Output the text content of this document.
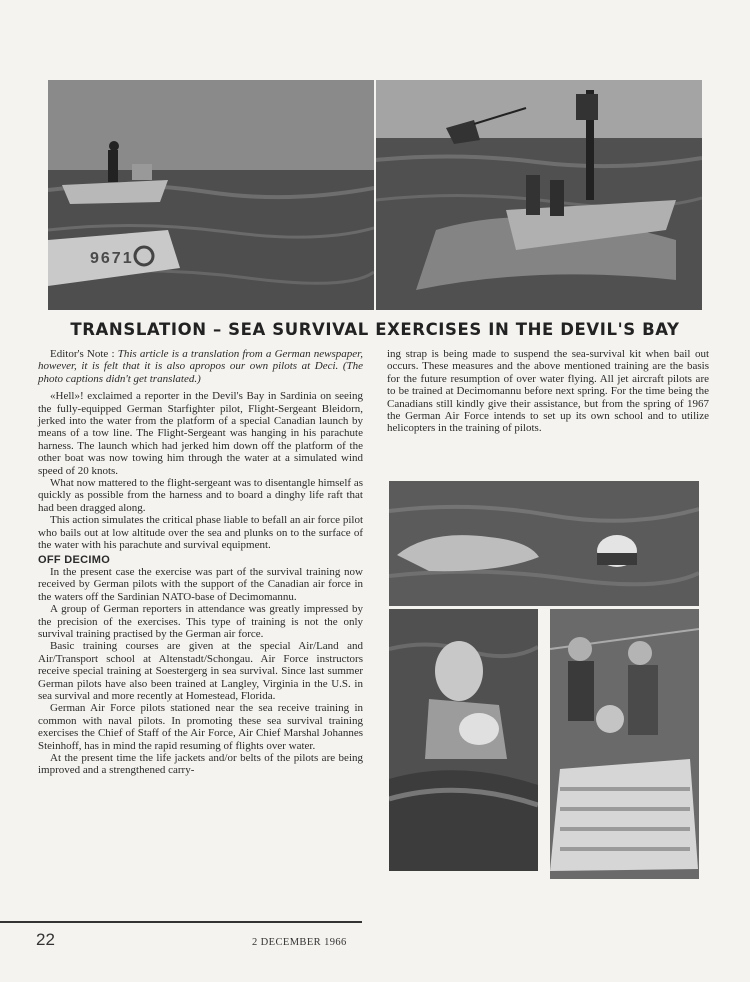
9671
TRANSLATION – SEA SURVIVAL EXERCISES IN THE DEVIL'S BAY

Editor's Note : This article is a translation from a German newspaper, however, it is felt that it is also apropos our own pilots at Deci. (The photo captions didn't get translated.)

«Hell»! exclaimed a reporter in the Devil's Bay in Sardinia on seeing the fully-equipped German Starfighter pilot, Flight-Sergeant Bleidorn, jerked into the water from the platform of a special Canadian launch by means of a tow line. The Flight-Sergeant was hanging in his parachute harness. The launch which had jerked him down off the platform of the other boat was now towing him through the water at a simulated wind speed of 20 knots.

What now mattered to the flight-sergeant was to disentangle himself as quickly as possible from the harness and to board a dinghy life raft that had been dragged along.

This action simulates the critical phase liable to befall an air force pilot who bails out at low altitude over the sea and plunks on to the surface of the water with his parachute and survival equipment.

OFF DECIMO

In the present case the exercise was part of the survival training now received by German pilots with the support of the Canadian air force in the waters off the Sardinian NATO-base of Decimomannu.

A group of German reporters in attendance was greatly impressed by the precision of the exercises. This type of training is not the only survival training practised by the German air force.

Basic training courses are given at the special Air/Land and Air/Transport school at Altenstadt/Schongau. Air Force instructors receive special training at Soestergerg in sea survival. Since last summer German pilots have also been trained at Langley, Virginia in the U.S. in sea survival and more recently at Homestead, Florida.

German Air Force pilots stationed near the sea receive training in common with naval pilots. In promoting these sea survival training exercises the Chief of Staff of the Air Force, Air Chief Marshal Johannes Steinhoff, has in mind the rapid resuming of flights over water.

At the present time the life jackets and/or belts of the pilots are being improved and a strengthened carry-

ing strap is being made to suspend the sea-survival kit when bail out occurs. These measures and the above mentioned training are the basis for the future resumption of over water flying. All jet aircraft pilots are to be trained at Decimomannu before next spring. For the time being the Canadians still kindly give their assistance, but from the spring of 1967 the German Air Force intends to set up its own school and to utilize helicopters in the training of pilots.

22	2 DECEMBER 1966
